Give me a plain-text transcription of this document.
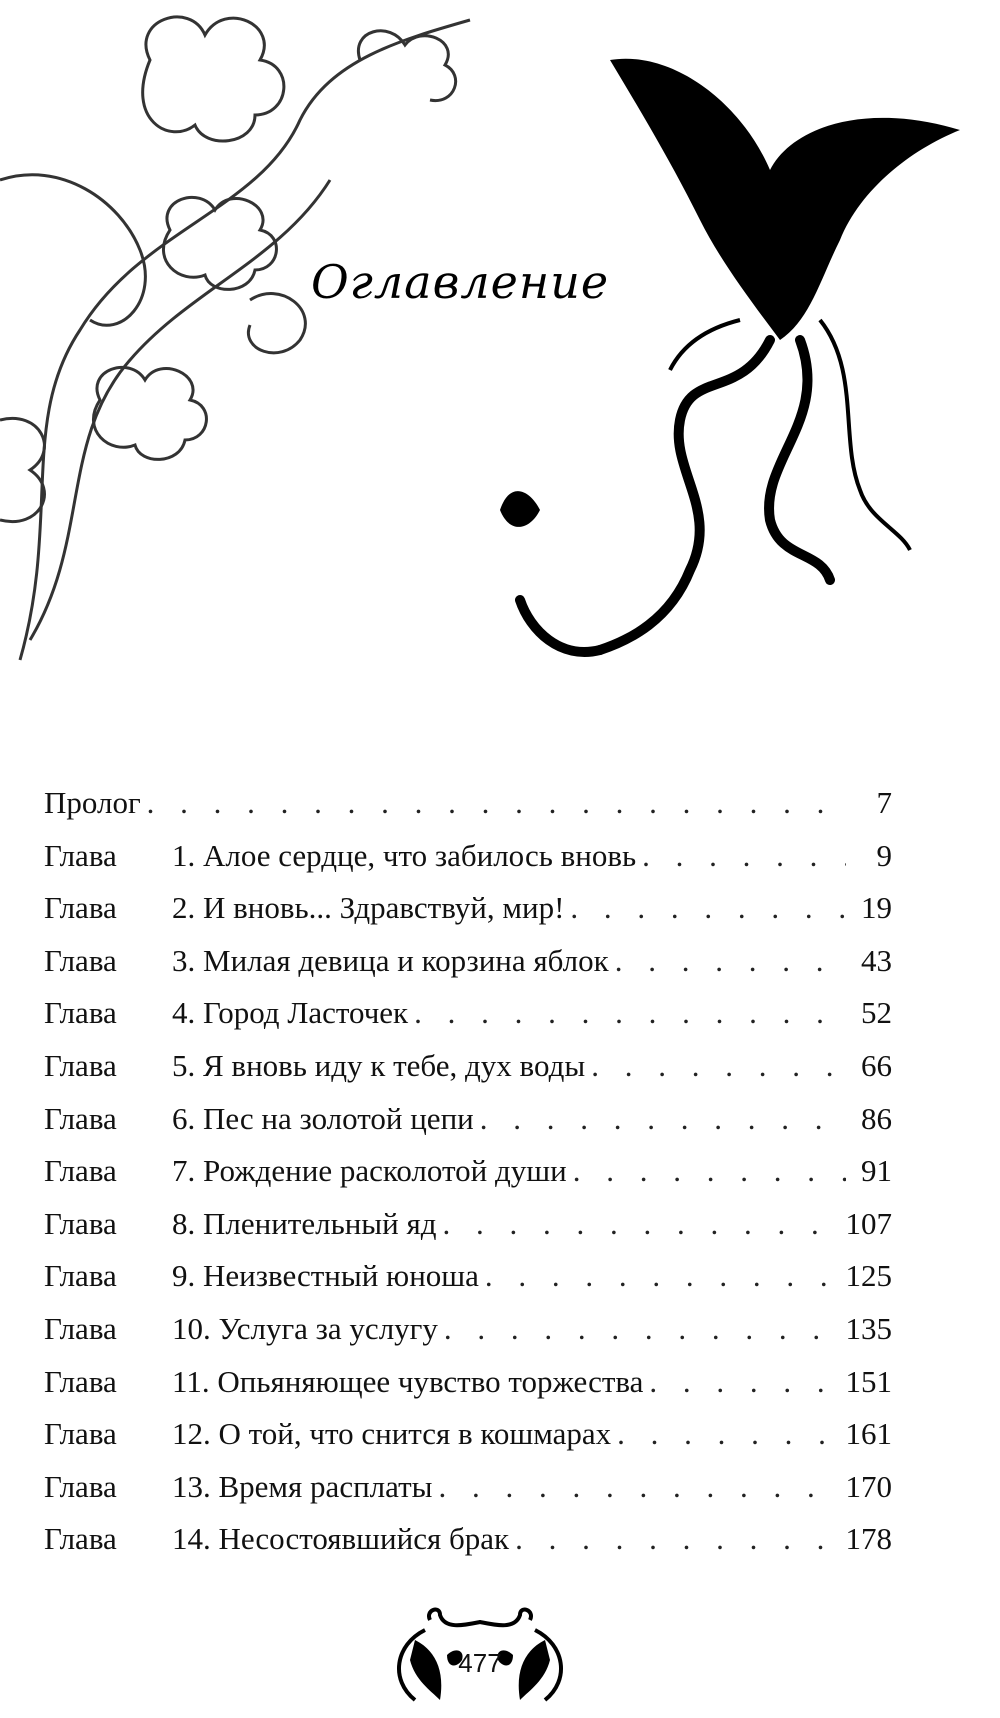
Оглавление
Пролог . . .	7
Глава	1. Алое сердце, что забилось вновь . . .	9
Глава	2. И вновь... Здравствуй, мир! . . .	19
Глава	3. Милая девица и корзина яблок . . .	43
Глава	4. Город Ласточек . . .	52
Глава	5. Я вновь иду к тебе, дух воды . . .	66
Глава	6. Пес на золотой цепи . . .	86
Глава	7. Рождение расколотой души . . .	91
Глава	8. Пленительный яд . . .	107
Глава	9. Неизвестный юноша . . .	125
Глава	10. Услуга за услугу . . .	135
Глава	11. Опьяняющее чувство торжества . . .	151
Глава	12. О той, что снится в кошмарах . . .	161
Глава	13. Время расплаты . . .	170
Глава	14. Несостоявшийся брак . . .	178
477
